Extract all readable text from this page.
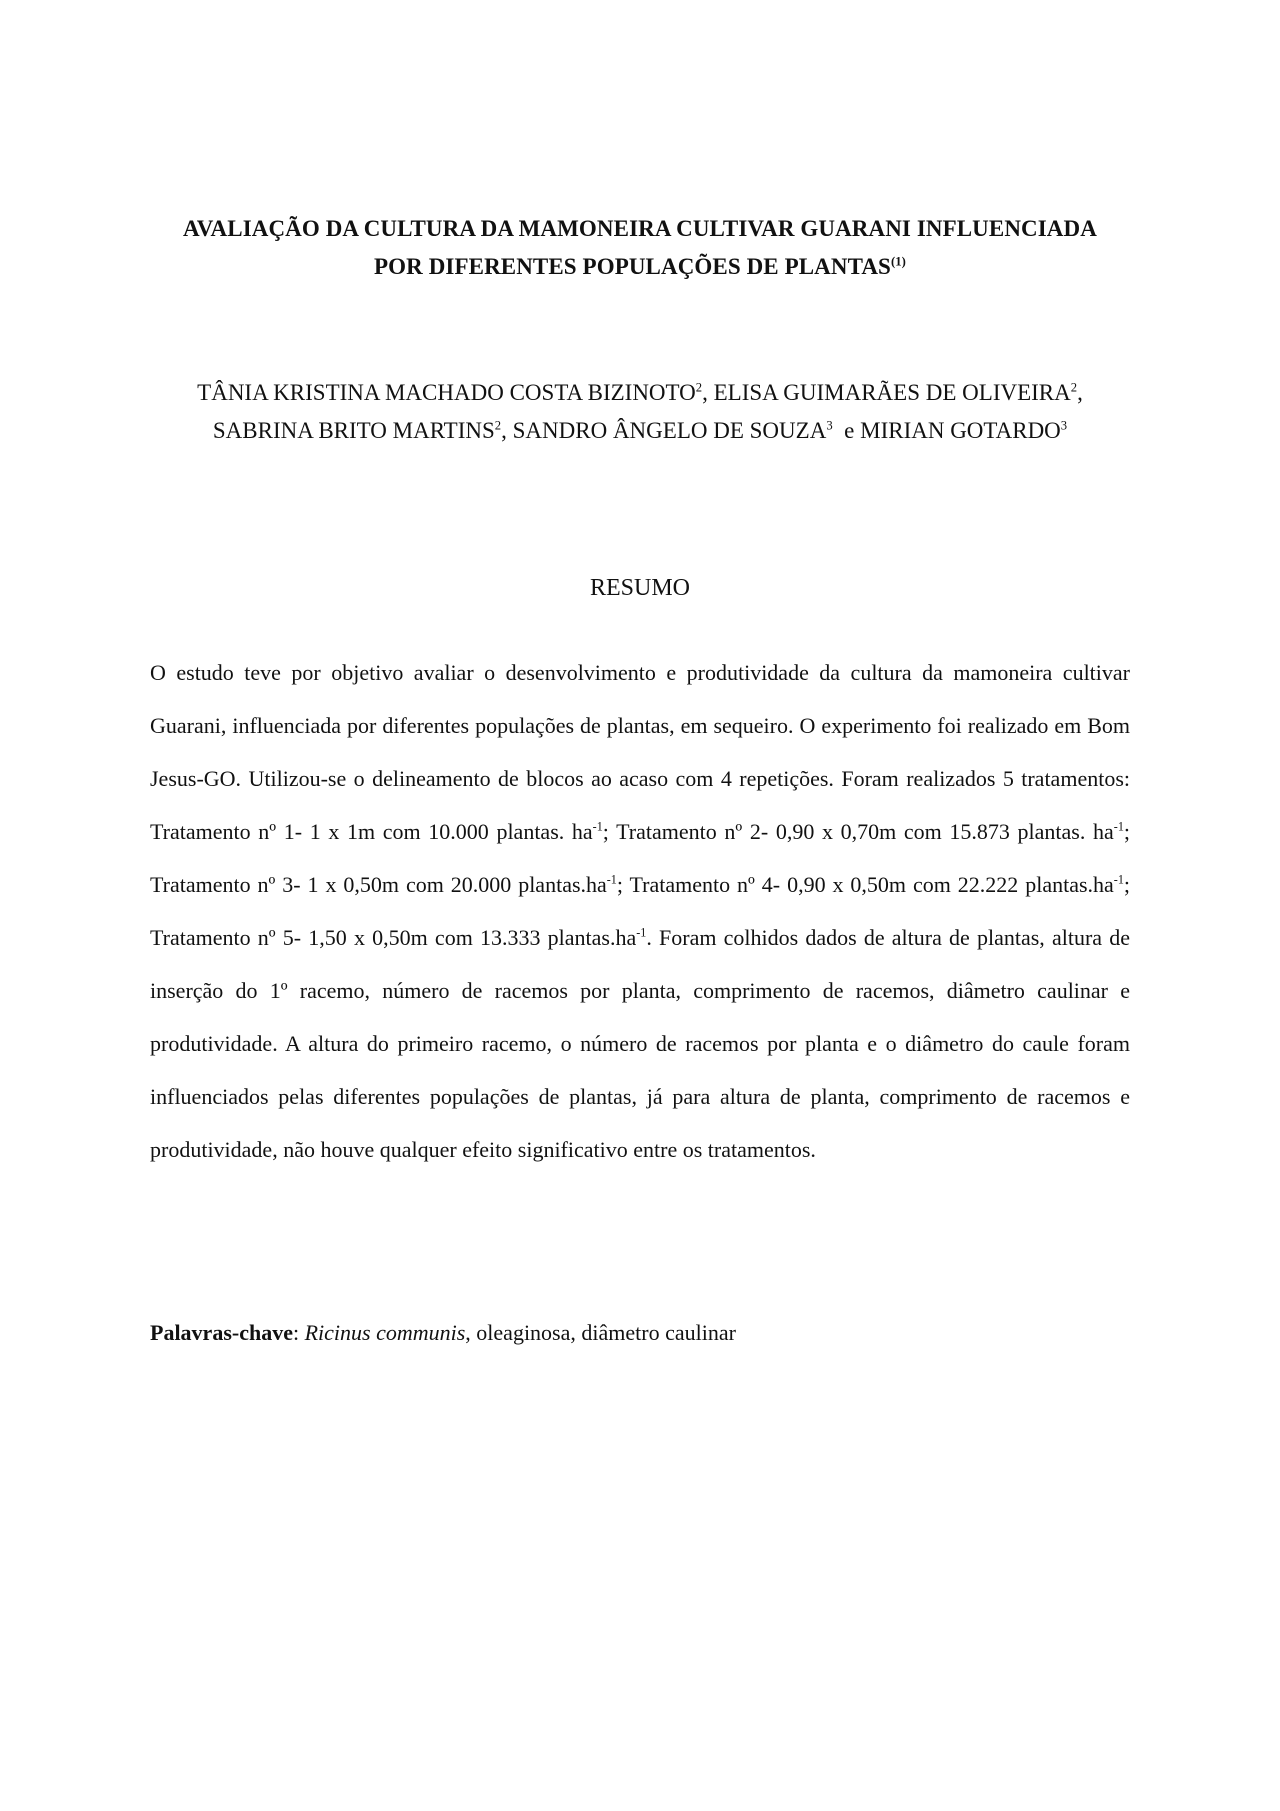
AVALIAÇÃO DA CULTURA DA MAMONEIRA CULTIVAR GUARANI INFLUENCIADA
POR DIFERENTES POPULAÇÕES DE PLANTAS$^{(1)}$
TÂNIA KRISTINA MACHADO COSTA BIZINOTO$^2$, ELISA GUIMARÃES DE OLIVEIRA$^2$,
SABRINA BRITO MARTINS$^2$, SANDRO ÂNGELO DE SOUZA$^3$  e MIRIAN GOTARDO$^3$
RESUMO
O estudo teve por objetivo avaliar o desenvolvimento e produtividade da cultura da mamoneira cultivar Guarani, influenciada por diferentes populações de plantas, em sequeiro. O experimento foi realizado em Bom Jesus-GO. Utilizou-se o delineamento de blocos ao acaso com 4 repetições. Foram realizados 5 tratamentos: Tratamento nº 1- 1 x 1m com 10.000 plantas. $ha^{-1}$; Tratamento nº 2- 0,90 x 0,70m com 15.873 plantas. $ha^{-1}$; Tratamento nº 3- 1 x 0,50m com 20.000 $plantas.ha^{-1}$; Tratamento nº 4- 0,90 x 0,50m com 22.222 $plantas.ha^{-1}$; Tratamento nº 5- 1,50 x 0,50m com 13.333 $plantas.ha^{-1}$. Foram colhidos dados de altura de plantas, altura de inserção do 1º racemo, número de racemos por planta, comprimento de racemos, diâmetro caulinar e produtividade. A altura do primeiro racemo, o número de racemos por planta e o diâmetro do caule foram influenciados pelas diferentes populações de plantas, já para altura de planta, comprimento de racemos e produtividade, não houve qualquer efeito significativo entre os tratamentos.
Palavras-chave: Ricinus communis, oleaginosa, diâmetro caulinar
